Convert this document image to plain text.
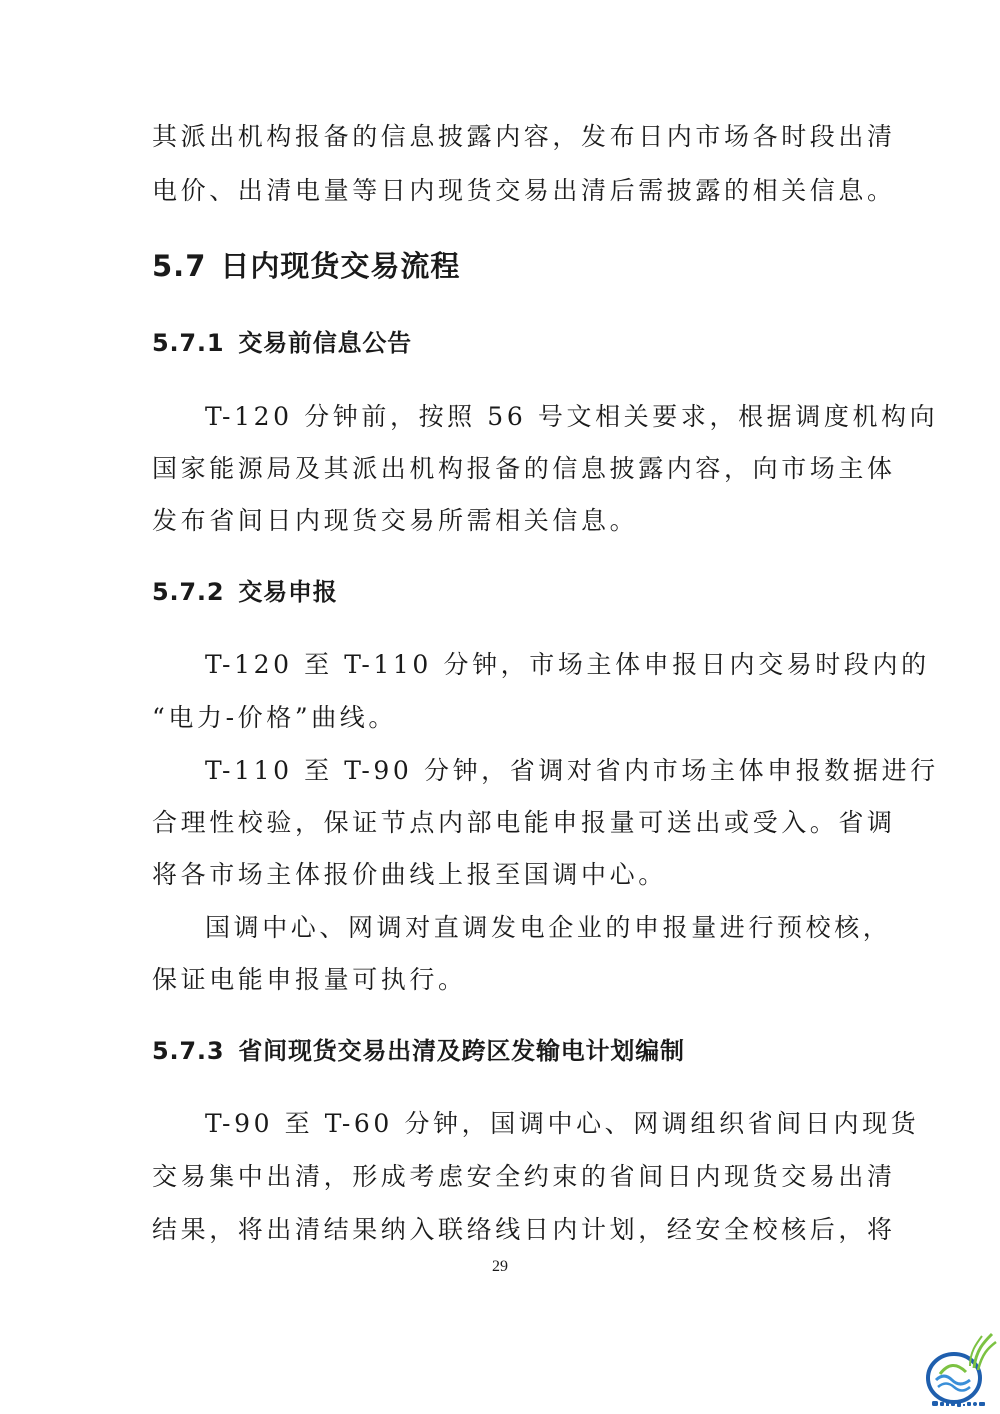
其派出机构报备的信息披露内容，发布日内市场各时段出清
电价、出清电量等日内现货交易出清后需披露的相关信息。
5.7 日内现货交易流程
5.7.1 交易前信息公告
T-120 分钟前，按照 56 号文相关要求，根据调度机构向
国家能源局及其派出机构报备的信息披露内容，向市场主体
发布省间日内现货交易所需相关信息。
5.7.2 交易申报
T-120 至 T-110 分钟，市场主体申报日内交易时段内的
“电力-价格”曲线。
T-110 至 T-90 分钟，省调对省内市场主体申报数据进行
合理性校验，保证节点内部电能申报量可送出或受入。省调
将各市场主体报价曲线上报至国调中心。
国调中心、网调对直调发电企业的申报量进行预校核，
保证电能申报量可执行。
5.7.3 省间现货交易出清及跨区发输电计划编制
T-90 至 T-60 分钟，国调中心、网调组织省间日内现货
交易集中出清，形成考虑安全约束的省间日内现货交易出清
结果，将出清结果纳入联络线日内计划，经安全校核后，将
29
